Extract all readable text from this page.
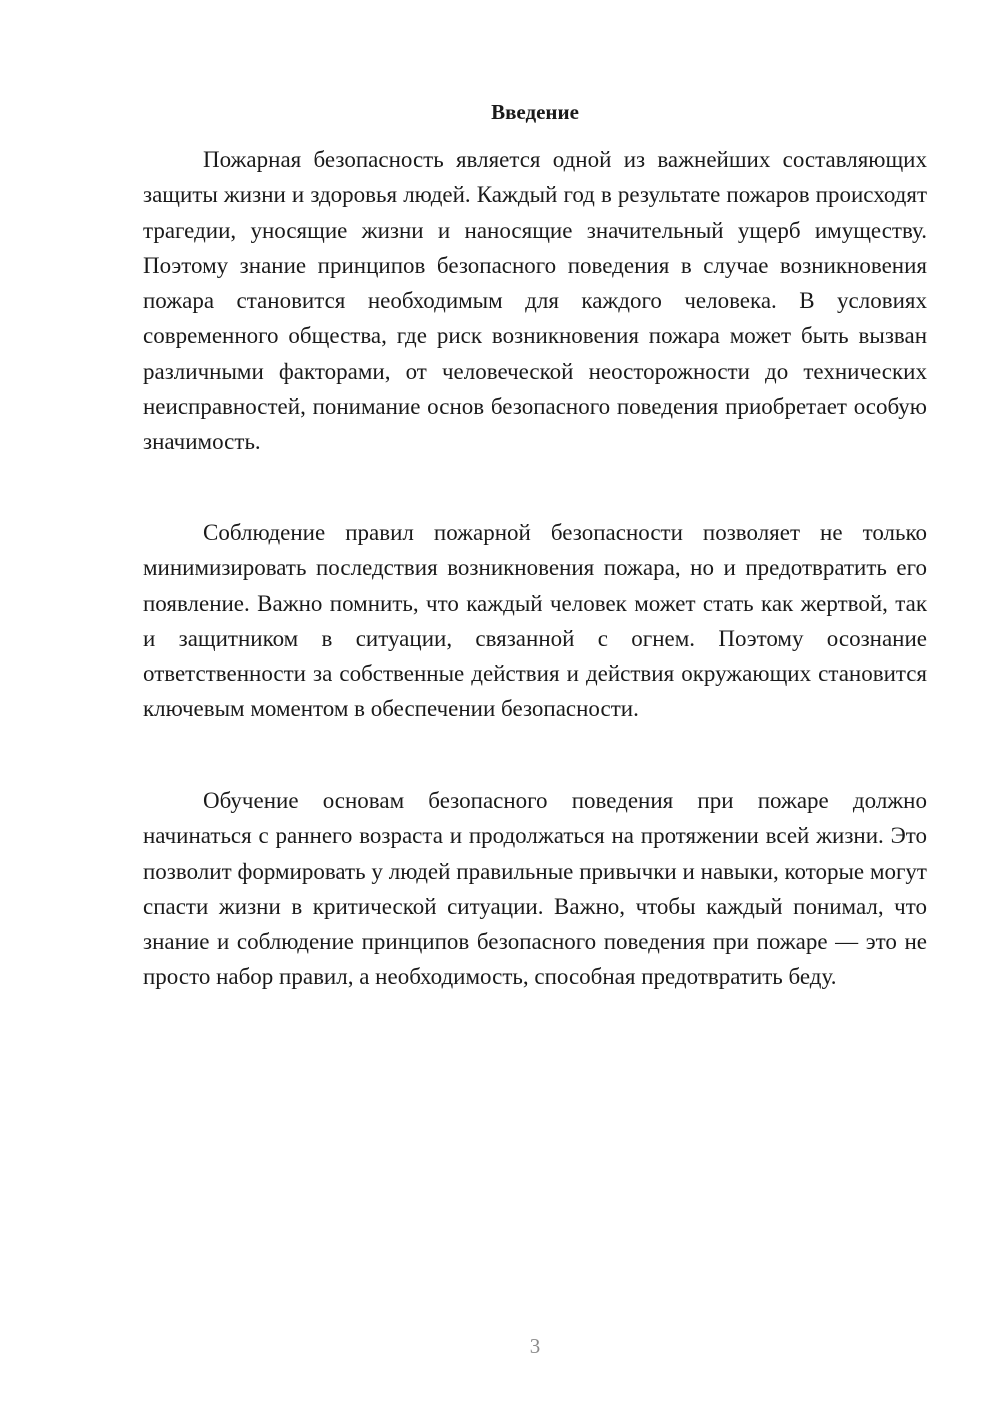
Введение

Пожарная безопасность является одной из важнейших составляющих защиты жизни и здоровья людей. Каждый год в результате пожаров происходят трагедии, уносящие жизни и наносящие значительный ущерб имуществу. Поэтому знание принципов безопасного поведения в случае возникновения пожара становится необходимым для каждого человека. В условиях современного общества, где риск возникновения пожара может быть вызван различными факторами, от человеческой неосторожности до технических неисправностей, понимание основ безопасного поведения приобретает особую значимость.

Соблюдение правил пожарной безопасности позволяет не только минимизировать последствия возникновения пожара, но и предотвратить его появление. Важно помнить, что каждый человек может стать как жертвой, так и защитником в ситуации, связанной с огнем. Поэтому осознание ответственности за собственные действия и действия окружающих становится ключевым моментом в обеспечении безопасности.

Обучение основам безопасного поведения при пожаре должно начинаться с раннего возраста и продолжаться на протяжении всей жизни. Это позволит формировать у людей правильные привычки и навыки, которые могут спасти жизни в критической ситуации. Важно, чтобы каждый понимал, что знание и соблюдение принципов безопасного поведения при пожаре — это не просто набор правил, а необходимость, способная предотвратить беду.

3
